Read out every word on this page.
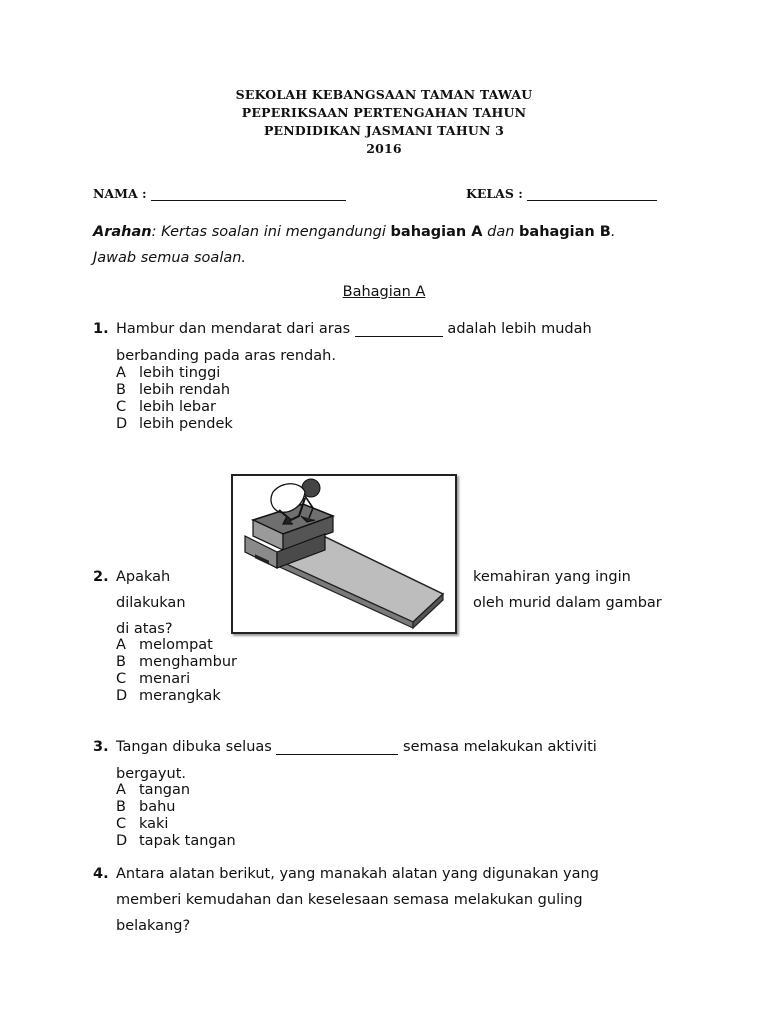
SEKOLAH KEBANGSAAN TAMAN TAWAU
PEPERIKSAAN PERTENGAHAN TAHUN
PENDIDIKAN JASMANI TAHUN 3
2016
NAMA :	KELAS :
Arahan: Kertas soalan ini mengandungi bahagian A dan bahagian B.
Jawab semua soalan.
Bahagian A
1. Hambur dan mendarat dari aras	adalah lebih mudah
berbanding pada aras rendah.
A lebih tinggi
B lebih rendah
C lebih lebar
D lebih pendek
2. Apakah	kemahiran yang ingin
dilakukan	oleh murid dalam gambar
di atas?
A melompat
B menghambur
C menari
D merangkak
3. Tangan dibuka seluas	semasa melakukan aktiviti
bergayut.
A tangan
B bahu
C kaki
D tapak tangan
4. Antara alatan berikut, yang manakah alatan yang digunakan yang
memberi kemudahan dan keselesaan semasa melakukan guling
belakang?
